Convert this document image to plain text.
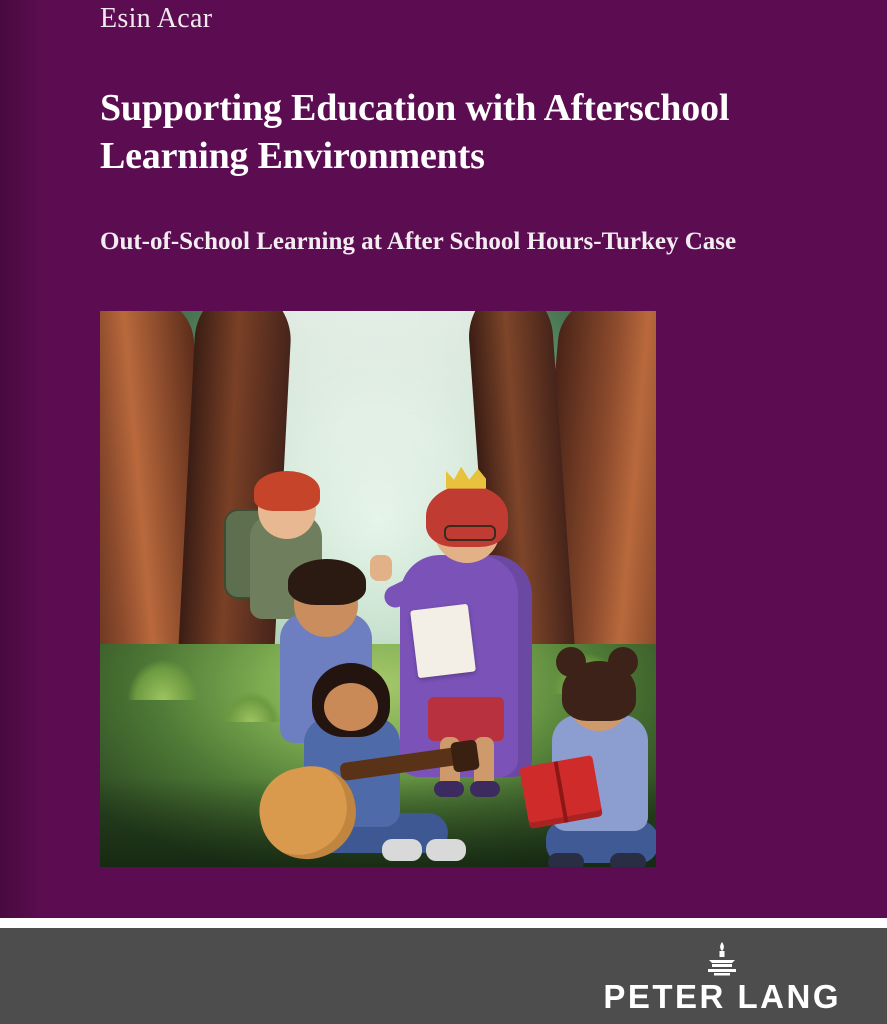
Esin Acar
Supporting Education with Afterschool Learning Environments
Out-of-School Learning at After School Hours-Turkey Case
PETER LANG
